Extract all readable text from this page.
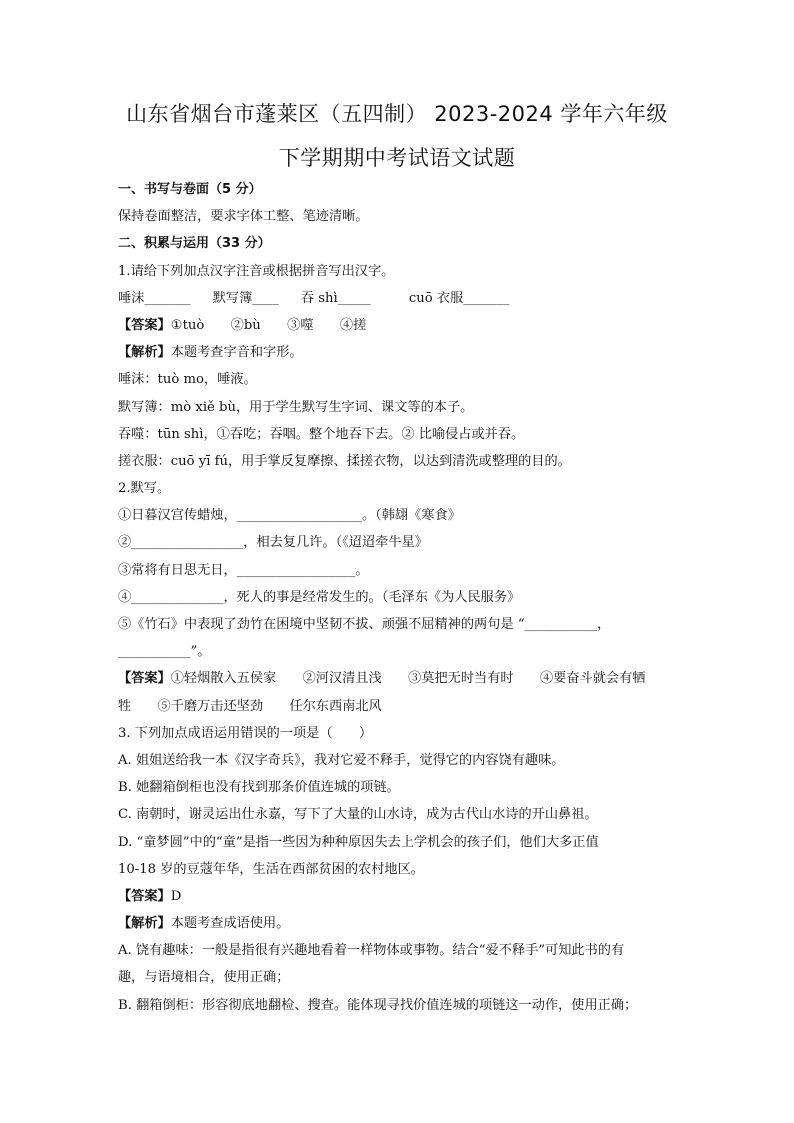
山东省烟台市蓬莱区（五四制） 2023-2024 学年六年级
下学期期中考试语文试题
一、书写与卷面（5 分）
保持卷面整洁，要求字体工整、笔迹清晰。
二、积累与运用（33 分）
1.请给下列加点汉字注音或根据拼音写出汉字。
唾沫_______ 默写簿____ 吞 shì_____	cuō 衣服_______
【答案】①tuò　　②bù　　③噬　　④搓
【解析】本题考查字音和字形。
唾沫：tuò mo，唾液。
默写簿：mò xiě bù，用于学生默写生字词、课文等的本子。
吞噬：tūn shì，①吞吃；吞咽。整个地吞下去。② 比喻侵占或并吞。
搓衣服：cuō yī fú，用手掌反复摩擦、揉搓衣物，以达到清洗或整理的目的。
2.默写。
①日暮汉宫传蜡烛，___________________。（韩翃《寒食》
②_________________，相去复几许。（《迢迢牵牛星》
③常将有日思无日，__________________。
④______________，死人的事是经常发生的。（毛泽东《为人民服务》
⑤《竹石》中表现了劲竹在困境中坚韧不拔、顽强不屈精神的两句是 “___________，
___________”。
【答案】①轻烟散入五侯家　　②河汉清且浅　　③莫把无时当有时　　④要奋斗就会有牺
牲　　⑤千磨万击还坚劲　　任尔东西南北风
3. 下列加点成语运用错误的一项是（　　）
A. 姐姐送给我一本《汉字奇兵》，我对它爱不释手，觉得它的内容饶有趣味。
B. 她翻箱倒柜也没有找到那条价值连城的项链。
C. 南朝时，谢灵运出仕永嘉，写下了大量的山水诗，成为古代山水诗的开山鼻祖。
D. “童梦圆”中的“童”是指一些因为种种原因失去上学机会的孩子们，他们大多正值
10-18 岁的豆蔻年华，生活在西部贫困的农村地区。
【答案】D
【解析】本题考查成语使用。
A. 饶有趣味：一般是指很有兴趣地看着一样物体或事物。结合“爱不释手”可知此书的有
趣，与语境相合，使用正确；
B. 翻箱倒柜：形容彻底地翻检、搜查。能体现寻找价值连城的项链这一动作，使用正确；
